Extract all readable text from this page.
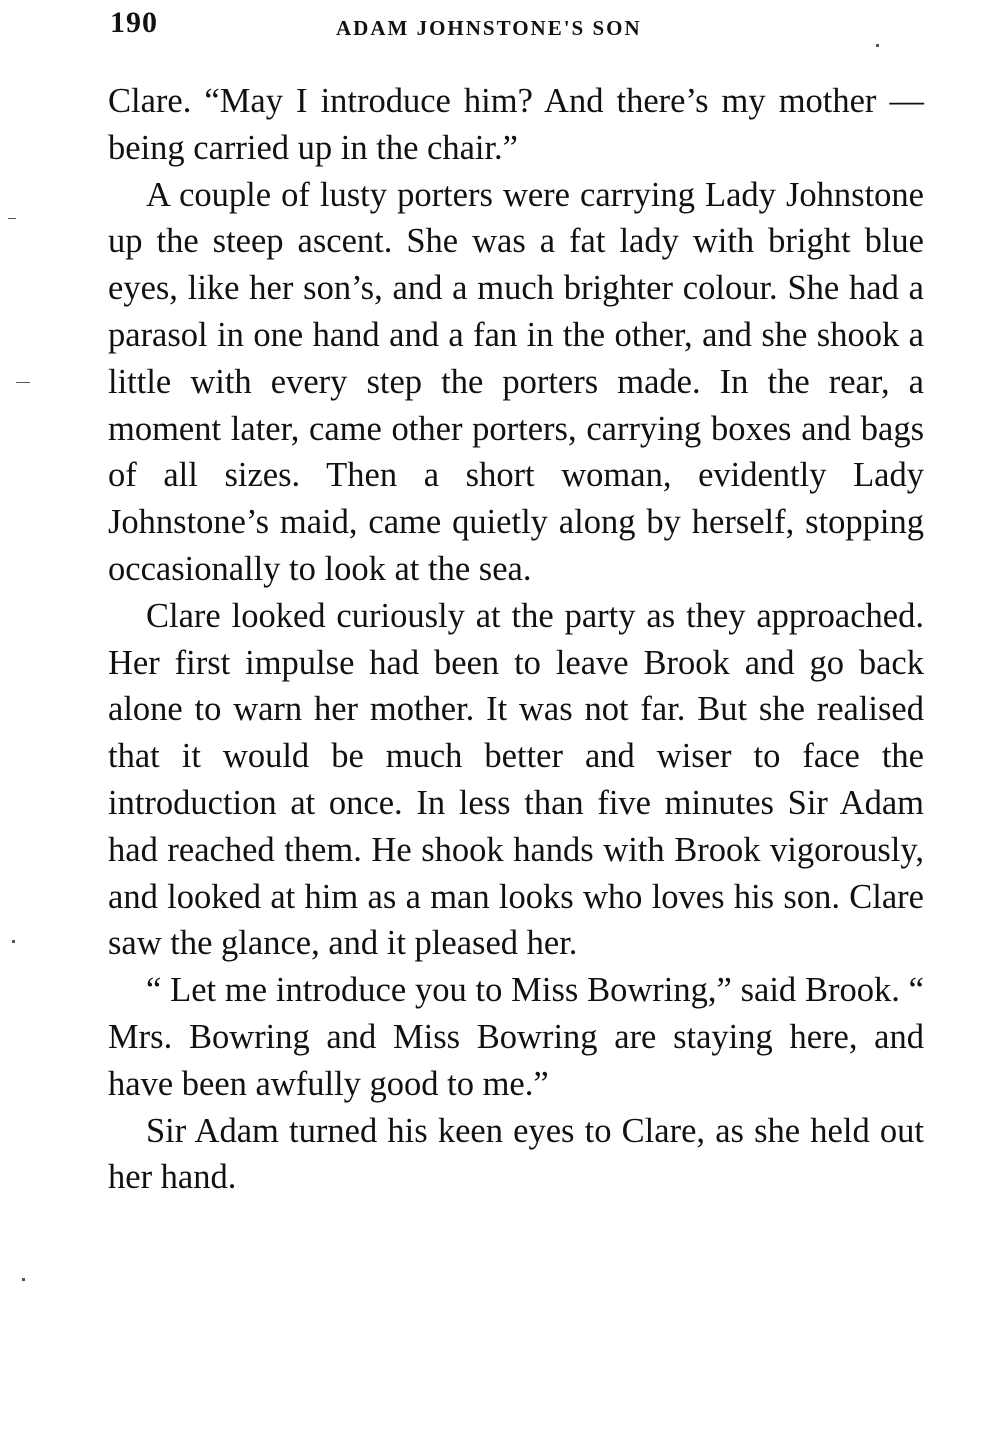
190	ADAM JOHNSTONE'S SON

Clare. “May I introduce him? And there’s my mother — being carried up in the chair.”

A couple of lusty porters were carrying Lady Johnstone up the steep ascent. She was a fat lady with bright blue eyes, like her son’s, and a much brighter colour. She had a parasol in one hand and a fan in the other, and she shook a little with every step the porters made. In the rear, a moment later, came other porters, carrying boxes and bags of all sizes. Then a short woman, evidently Lady Johnstone’s maid, came quietly along by herself, stopping occasionally to look at the sea.

Clare looked curiously at the party as they approached. Her first impulse had been to leave Brook and go back alone to warn her mother. It was not far. But she realised that it would be much better and wiser to face the introduction at once. In less than five minutes Sir Adam had reached them. He shook hands with Brook vigorously, and looked at him as a man looks who loves his son. Clare saw the glance, and it pleased her.

“ Let me introduce you to Miss Bowring,” said Brook. “ Mrs. Bowring and Miss Bowring are staying here, and have been awfully good to me.”

Sir Adam turned his keen eyes to Clare, as she held out her hand.
